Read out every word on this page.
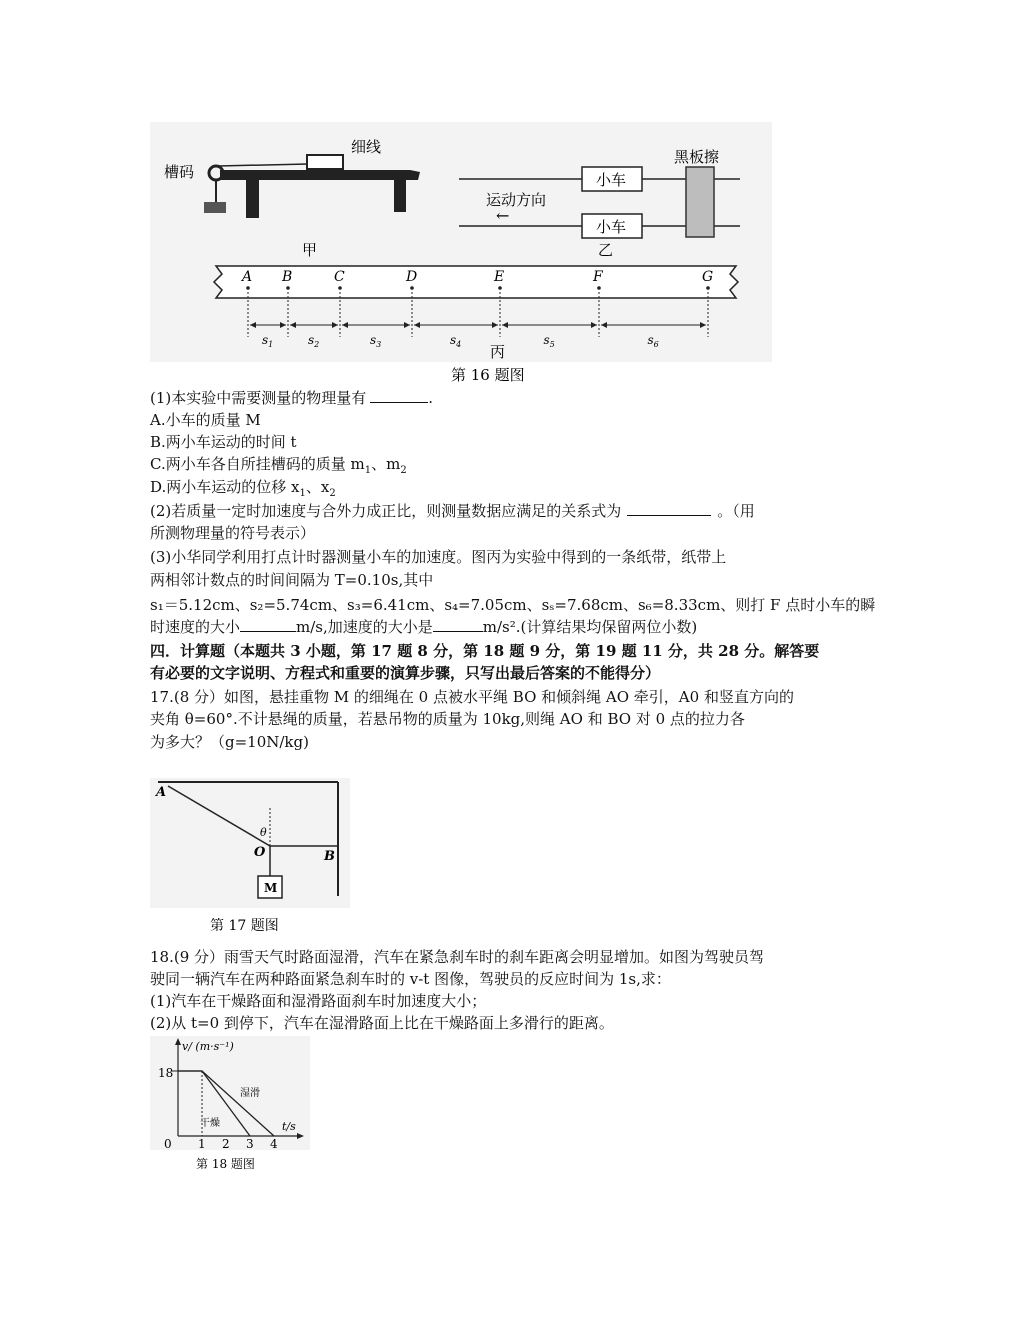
槽码
细线
甲
小车
小车
黑板擦
运动方向
←
乙
A B	C	D	E	F	G
$s_1$	$s_2$	$s_3$	$s_4$	$s_5$	$s_6$
丙
第 16 题图
(1)本实验中需要测量的物理量有	.
A.小车的质量 M
B.两小车运动的时间 t
C.两小车各自所挂槽码的质量 $m_1$、$m_2$
D.两小车运动的位移 $x_1$、$x_2$
(2)若质量一定时加速度与合外力成正比，则测量数据应满足的关系式为	。（用
所测物理量的符号表示）
(3)小华同学利用打点计时器测量小车的加速度。图丙为实验中得到的一条纸带，纸带上
两相邻计数点的时间间隔为 T=0.10s,其中
s₁＝5.12cm、s₂=5.74cm、s₃=6.41cm、s₄=7.05cm、sₛ=7.68cm、s₆=8.33cm、则打 F 点时小车的瞬
时速度的大小	m/s,加速度的大小是	m/s².(计算结果均保留两位小数)
四．计算题（本题共 3 小题，第 17 题 8 分，第 18 题 9 分，第 19 题 11 分，共 28 分。解答要
有必要的文字说明、方程式和重要的演算步骤，只写出最后答案的不能得分）
17.(8 分）如图，悬挂重物 M 的细绳在 0 点被水平绳 BO 和倾斜绳 AO 牵引，A0 和竖直方向的
夹角 θ=60°.不计悬绳的质量，若悬吊物的质量为 10kg,则绳 AO 和 BO 对 0 点的拉力各
为多大？（g=10N/kg)
A
O	B
θ
M
第 17 题图
18.(9 分）雨雪天气时路面湿滑，汽车在紧急刹车时的刹车距离会明显增加。如图为驾驶员驾
驶同一辆汽车在两种路面紧急刹车时的 v-t 图像，驾驶员的反应时间为 1s,求：
(1)汽车在干燥路面和湿滑路面刹车时加速度大小；
(2)从 t=0 到停下，汽车在湿滑路面上比在干燥路面上多滑行的距离。
v/ (m·s⁻¹)
t/s
18
0 1 2 3 4
湿滑
干燥
第 18 题图
